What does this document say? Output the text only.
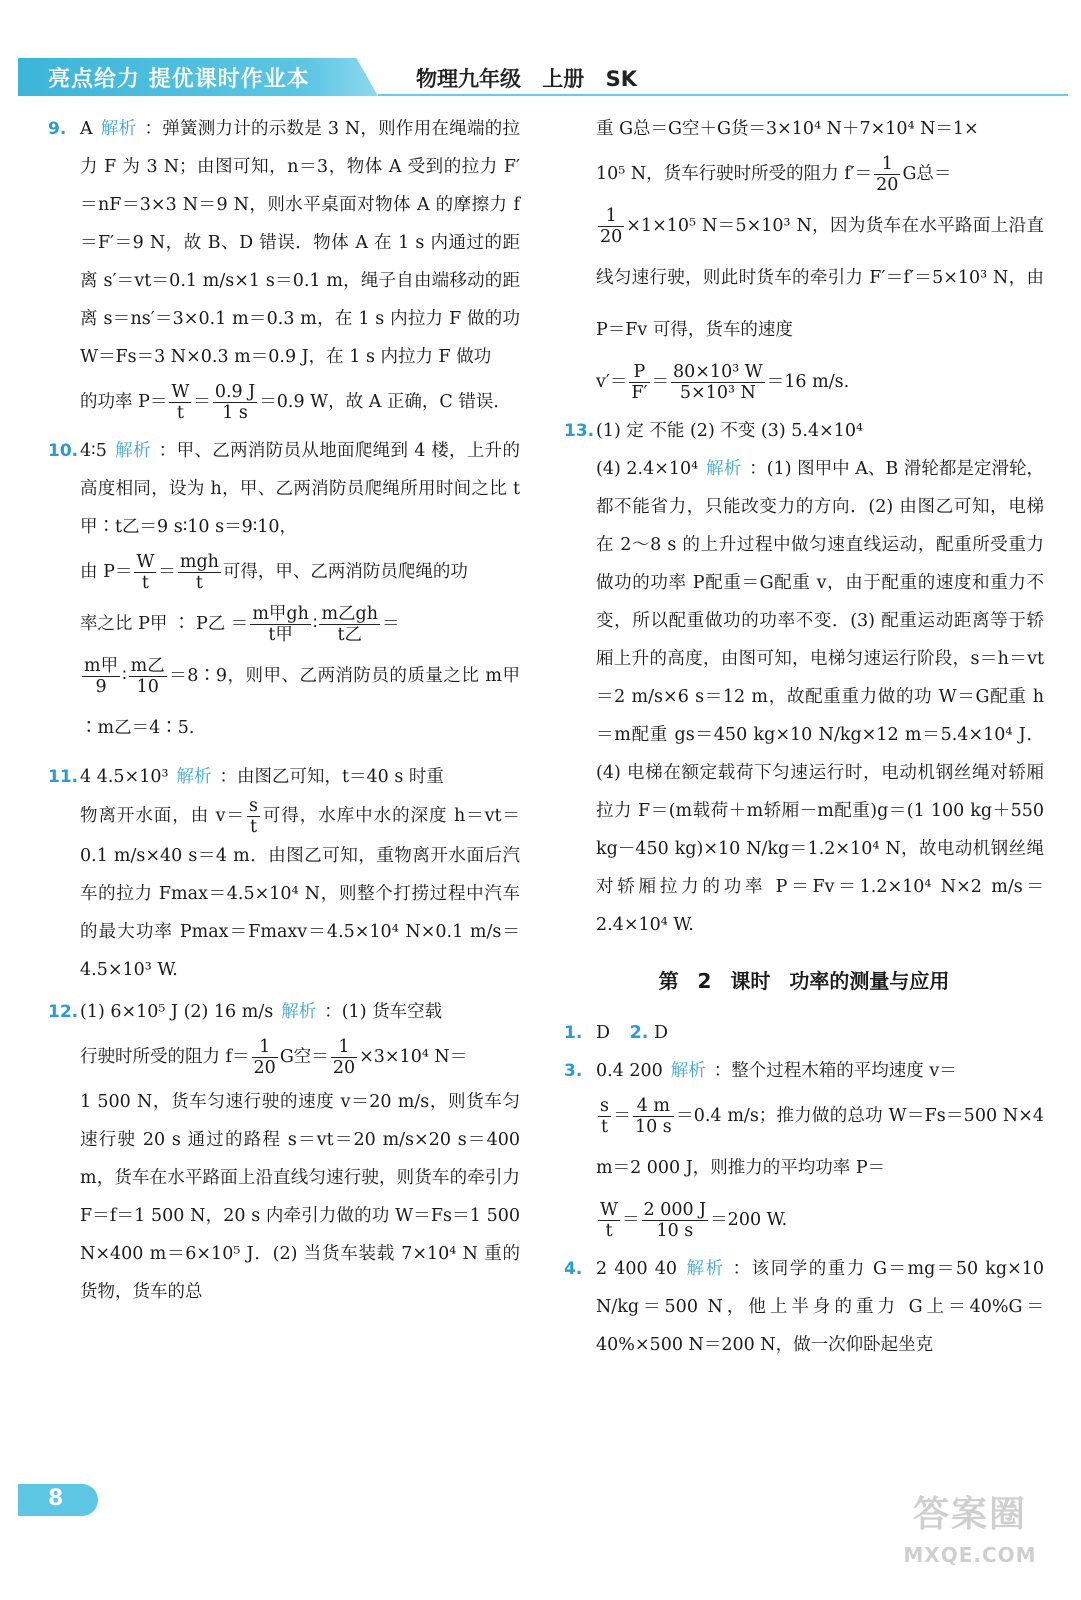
亮点给力 提优课时作业本	物理九年级 上册 SK

9. A 解析 ：弹簧测力计的示数是 3 N，则作用在绳端的拉力 F 为 3 N；由图可知，n＝3，物体 A 受到的拉力 F′＝nF＝3×3 N＝9 N，则水平桌面对物体 A 的摩擦力 f＝F′＝9 N，故 B、D 错误．物体 A 在 1 s 内通过的距离 s′＝vt＝0.1 m/s×1 s＝0.1 m，绳子自由端移动的距离 s＝ns′＝3×0.1 m＝0.3 m，在 1 s 内拉力 F 做的功 W＝Fs＝3 N×0.3 m＝0.9 J，在 1 s 内拉力 F 做功

的功率 $P= \frac{W}{t} = \frac{0.9 J}{1 s} =0.9$ W，故 A 正确，C 错误．

10. 4∶5 解析 ：甲、乙两消防员从地面爬绳到 4 楼，上升的高度相同，设为 h，甲、乙两消防员爬绳所用时间之比 t甲∶t乙＝9 s∶10 s＝9∶10，

由 $P= \frac{W}{t} = \frac{\text{mgh}}{t}$ 可得，甲、乙两消防员爬绳的功

率之比 P甲 ∶ P乙 ＝ $\frac{\text{m甲gh}}{\text{t甲}}$ ∶ $\frac{\text{m乙gh}}{\text{t乙}}$ ＝

$\frac{\text{m甲}}{9}$ ∶ $\frac{\text{m乙}}{10}$ ＝8∶9，则甲、乙两消防员的质量之比 m甲∶m乙＝4∶5.

11. 4 4.5×10³ 解析 ：由图乙可知，t＝40 s 时重

物离开水面，由 $v= \frac{s}{t}$ 可得，水库中水的深度 h＝vt＝0.1 m/s×40 s＝4 m．由图乙可知，重物离开水面后汽车的拉力 Fmax＝4.5×10⁴ N，则整个打捞过程中汽车的最大功率 Pmax＝Fmaxv＝4.5×10⁴ N×0.1 m/s＝4.5×10³ W.

12. (1) 6×10⁵ J (2) 16 m/s 解析 ：(1) 货车空载

行驶时所受的阻力 $f= \frac{1}{20}$ G空＝ $\frac{1}{20} \times 3\times 10^4$ N＝

1 500 N，货车匀速行驶的速度 v＝20 m/s，则货车匀速行驶 20 s 通过的路程 s＝vt＝20 m/s×20 s＝400 m，货车在水平路面上沿直线匀速行驶，则货车的牵引力 F＝f＝1 500 N，20 s 内牵引力做的功 W＝Fs＝1 500 N×400 m＝6×10⁵ J．(2) 当货车装载 7×10⁴ N 重的货物，货车的总

重 G总＝G空＋G货＝3×10⁴ N＋7×10⁴ N＝1×

10⁵ N，货车行驶时所受的阻力 $f'= \frac{1}{20}$ G总＝

$\frac{1}{20} \times 1\times 10^5$ N＝5×10³ N，因为货车在水平路面上沿直线匀速行驶，则此时货车的牵引力 F′＝f′＝5×10³ N，由 P＝Fv 可得，货车的速度

$v'= \frac{P}{F'} = \frac{\text{80×10³ W}}{\text{5×10³ N}} =16$ m/s.

13. (1) 定 不能 (2) 不变 (3) 5.4×10⁴

(4) 2.4×10⁴ 解析 ：(1) 图甲中 A、B 滑轮都是定滑轮，都不能省力，只能改变力的方向．(2) 由图乙可知，电梯在 2～8 s 的上升过程中做匀速直线运动，配重所受重力做功的功率 P配重＝G配重 v，由于配重的速度和重力不变，所以配重做功的功率不变．(3) 配重运动距离等于轿厢上升的高度，由图可知，电梯匀速运行阶段，s＝h＝vt＝2 m/s×6 s＝12 m，故配重重力做的功 W＝G配重 h＝m配重 gs＝450 kg×10 N/kg×12 m＝5.4×10⁴ J．(4) 电梯在额定载荷下匀速运行时，电动机钢丝绳对轿厢拉力 F＝(m载荷＋m轿厢－m配重)g＝(1 100 kg＋550 kg－450 kg)×10 N/kg＝1.2×10⁴ N，故电动机钢丝绳对轿厢拉力的功率 P＝Fv＝1.2×10⁴ N×2 m/s＝2.4×10⁴ W.

第 2 课时 功率的测量与应用

1. D 2. D

3. 0.4 200 解析 ：整个过程木箱的平均速度 v＝

$\frac{s}{t} = \frac{4 m}{10 s} =0.4$ m/s；推力做的总功 W＝Fs＝500 N×4 m＝2 000 J，则推力的平均功率 P＝

$\frac{W}{t} = \frac{2 000 J}{10 s} =200$ W.

4. 2 400 40 解析 ：该同学的重力 G＝mg＝50 kg×10 N/kg＝500 N，他上半身的重力 G上＝40%G＝40%×500 N＝200 N，做一次仰卧起坐克

8	答案圈
MXQE.COM
